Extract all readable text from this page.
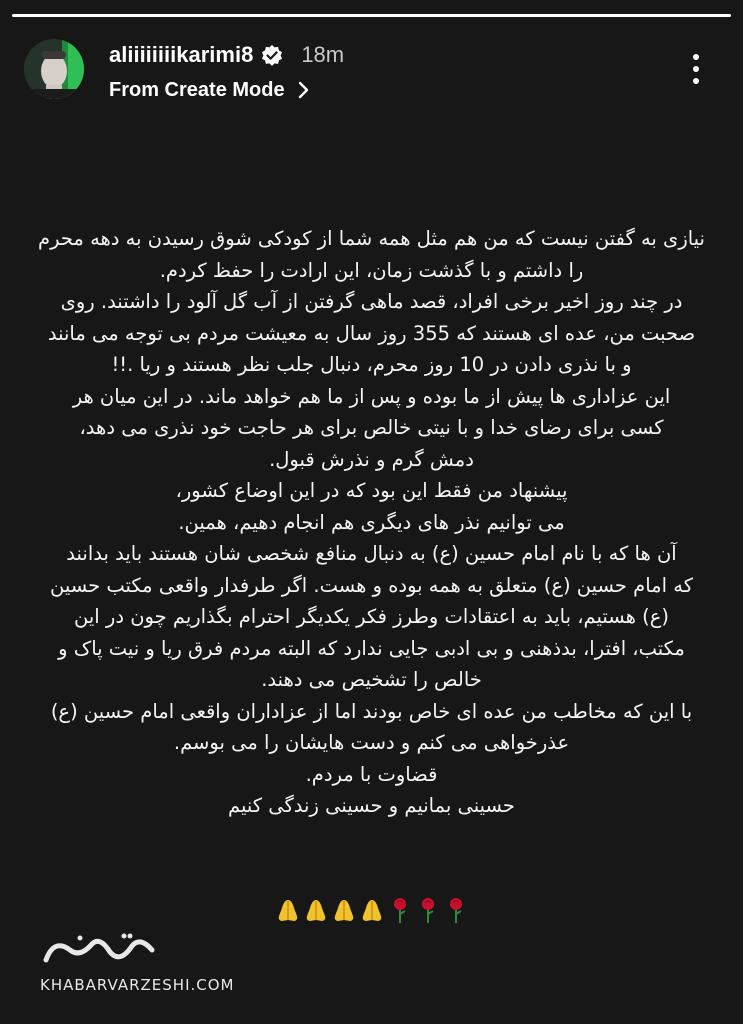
aliiiiiiiikarimi8 18m
From Create Mode
نیازی به گفتن نیست که من هم مثل همه شما از کودکی شوق رسیدن به دهه محرم
را داشتم و با گذشت زمان، این ارادت را حفظ کردم.
در چند روز اخیر برخی افراد، قصد ماهی گرفتن از آب گل آلود را داشتند. روی
صحبت من، عده ای هستند که 355 روز سال به معیشت مردم بی توجه می مانند
و با نذری دادن در 10 روز محرم، دنبال جلب نظر هستند و ریا .!!
این عزاداری ها پیش از ما بوده و پس از ما هم خواهد ماند. در این میان هر
کسی برای رضای خدا و با نیتی خالص برای هر حاجت خود نذری می دهد،
دمش گرم و نذرش قبول.
پیشنهاد من فقط این بود که در این اوضاع کشور،
می توانیم نذر های دیگری هم انجام دهیم، همین.
آن ها که با نام امام حسین (ع) به دنبال منافع شخصی شان هستند باید بدانند
که امام حسین (ع) متعلق به همه بوده و هست. اگر طرفدار واقعی مکتب حسین
(ع) هستیم، باید به اعتقادات وطرز فکر یکدیگر احترام بگذاریم چون در این
مکتب، افترا، بدذهنی و بی ادبی جایی ندارد که البته مردم فرق ریا و نیت پاک و
خالص را تشخیص می دهند.
با این که مخاطب من عده ای خاص بودند اما از عزاداران واقعی امام حسین (ع)
عذرخواهی می کنم و دست هایشان را می بوسم.
قضاوت با مردم.
حسینی بمانیم و حسینی زندگی کنیم
KHABARVARZESHI.COM
